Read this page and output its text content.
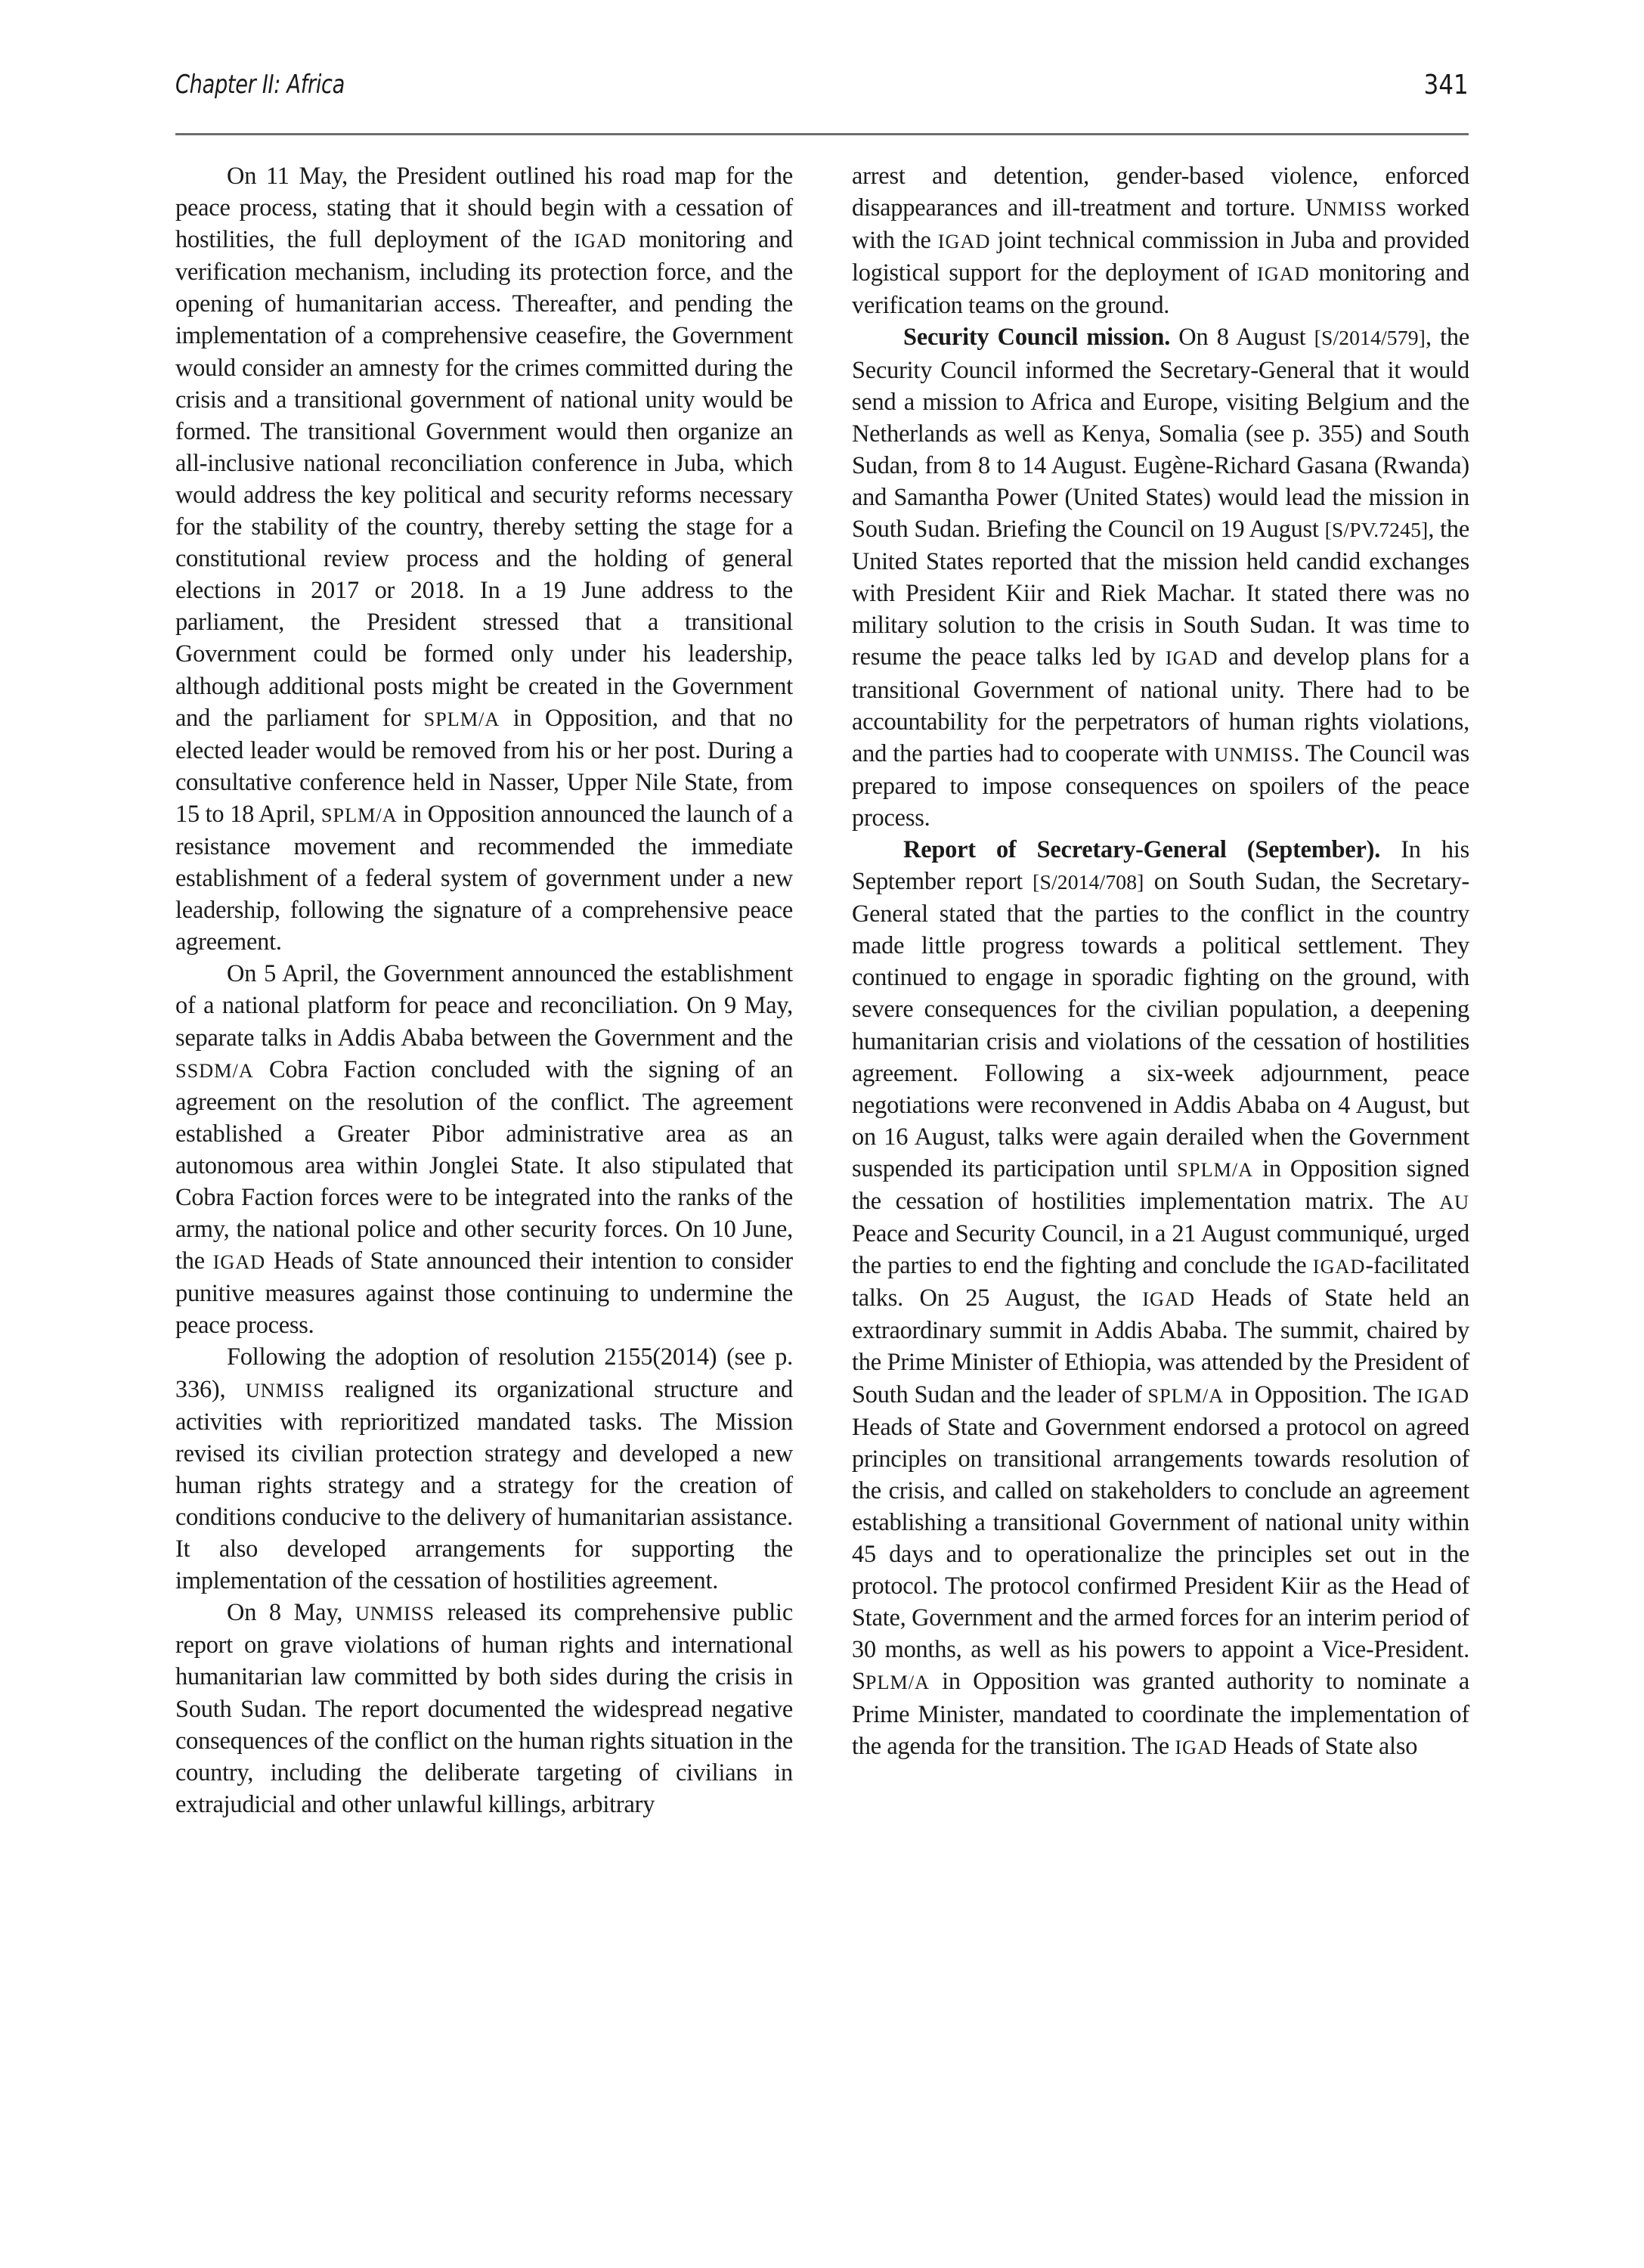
Chapter II: Africa	341

On 11 May, the President outlined his road map for the peace process, stating that it should begin with a cessation of hostilities, the full deployment of the IGAD monitoring and verification mechanism, including its protection force, and the opening of humanitarian access. Thereafter, and pending the implementation of a comprehensive ceasefire, the Government would consider an amnesty for the crimes committed during the crisis and a transitional government of national unity would be formed. The transitional Government would then organize an all-inclusive national reconciliation conference in Juba, which would address the key political and security reforms necessary for the stability of the country, thereby setting the stage for a constitutional review process and the holding of general elections in 2017 or 2018. In a 19 June address to the parliament, the President stressed that a transitional Government could be formed only under his leadership, although additional posts might be created in the Government and the parliament for SPLM/A in Opposition, and that no elected leader would be removed from his or her post. During a consultative conference held in Nasser, Upper Nile State, from 15 to 18 April, SPLM/A in Opposition announced the launch of a resistance movement and recommended the immediate establishment of a federal system of government under a new leadership, following the signature of a comprehensive peace agreement.

On 5 April, the Government announced the establishment of a national platform for peace and reconciliation. On 9 May, separate talks in Addis Ababa between the Government and the SSDM/A Cobra Faction concluded with the signing of an agreement on the resolution of the conflict. The agreement established a Greater Pibor administrative area as an autonomous area within Jonglei State. It also stipulated that Cobra Faction forces were to be integrated into the ranks of the army, the national police and other security forces. On 10 June, the IGAD Heads of State announced their intention to consider punitive measures against those continuing to undermine the peace process.

Following the adoption of resolution 2155(2014) (see p. 336), UNMISS realigned its organizational structure and activities with reprioritized mandated tasks. The Mission revised its civilian protection strategy and developed a new human rights strategy and a strategy for the creation of conditions conducive to the delivery of humanitarian assistance. It also developed arrangements for supporting the implementation of the cessation of hostilities agreement.

On 8 May, UNMISS released its comprehensive public report on grave violations of human rights and international humanitarian law committed by both sides during the crisis in South Sudan. The report documented the widespread negative consequences of the conflict on the human rights situation in the country, including the deliberate targeting of civilians in extrajudicial and other unlawful killings, arbitrary

arrest and detention, gender-based violence, enforced disappearances and ill-treatment and torture. UNMISS worked with the IGAD joint technical commission in Juba and provided logistical support for the deployment of IGAD monitoring and verification teams on the ground.

Security Council mission. On 8 August [S/2014/579], the Security Council informed the Secretary-General that it would send a mission to Africa and Europe, visiting Belgium and the Netherlands as well as Kenya, Somalia (see p. 355) and South Sudan, from 8 to 14 August. Eugène-Richard Gasana (Rwanda) and Samantha Power (United States) would lead the mission in South Sudan. Briefing the Council on 19 August [S/PV.7245], the United States reported that the mission held candid exchanges with President Kiir and Riek Machar. It stated there was no military solution to the crisis in South Sudan. It was time to resume the peace talks led by IGAD and develop plans for a transitional Government of national unity. There had to be accountability for the perpetrators of human rights violations, and the parties had to cooperate with UNMISS. The Council was prepared to impose consequences on spoilers of the peace process.

Report of Secretary-General (September). In his September report [S/2014/708] on South Sudan, the Secretary-General stated that the parties to the conflict in the country made little progress towards a political settlement. They continued to engage in sporadic fighting on the ground, with severe consequences for the civilian population, a deepening humanitarian crisis and violations of the cessation of hostilities agreement. Following a six-week adjournment, peace negotiations were reconvened in Addis Ababa on 4 August, but on 16 August, talks were again derailed when the Government suspended its participation until SPLM/A in Opposition signed the cessation of hostilities implementation matrix. The AU Peace and Security Council, in a 21 August communiqué, urged the parties to end the fighting and conclude the IGAD-facilitated talks. On 25 August, the IGAD Heads of State held an extraordinary summit in Addis Ababa. The summit, chaired by the Prime Minister of Ethiopia, was attended by the President of South Sudan and the leader of SPLM/A in Opposition. The IGAD Heads of State and Government endorsed a protocol on agreed principles on transitional arrangements towards resolution of the crisis, and called on stakeholders to conclude an agreement establishing a transitional Government of national unity within 45 days and to operationalize the principles set out in the protocol. The protocol confirmed President Kiir as the Head of State, Government and the armed forces for an interim period of 30 months, as well as his powers to appoint a Vice-President. SPLM/A in Opposition was granted authority to nominate a Prime Minister, mandated to coordinate the implementation of the agenda for the transition. The IGAD Heads of State also
